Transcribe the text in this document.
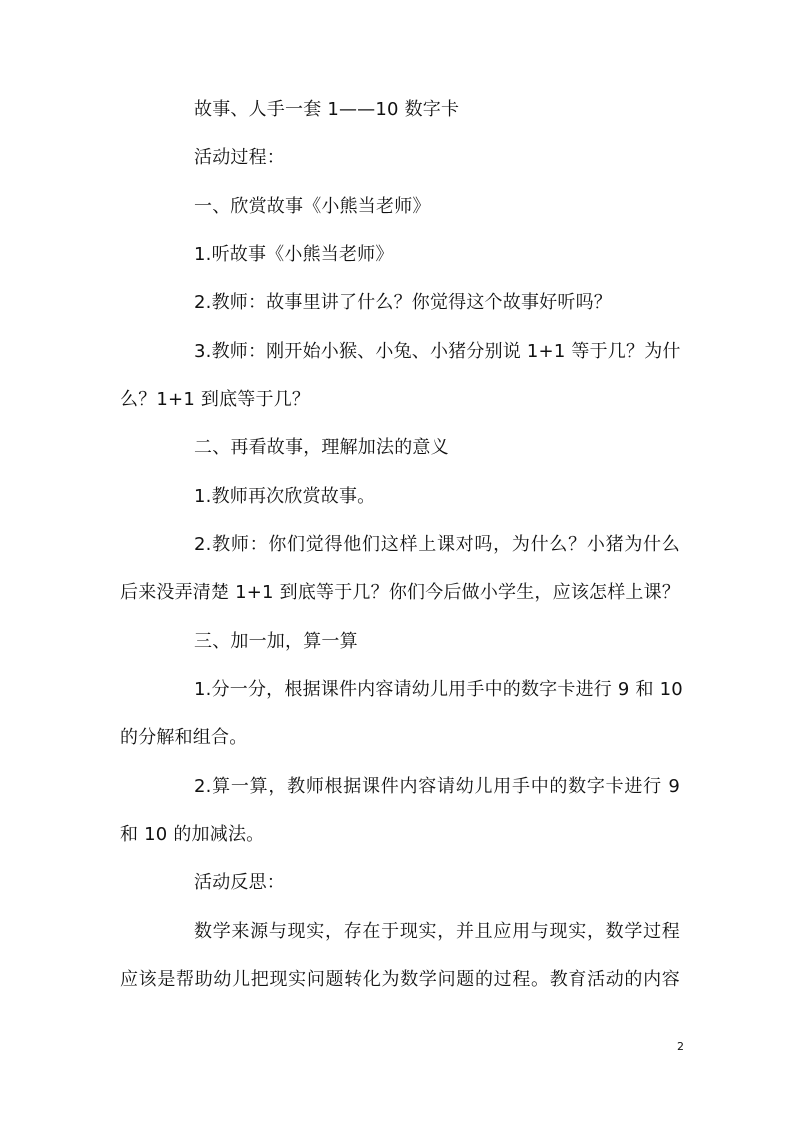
故事、人手一套 1——10 数字卡
活动过程：
一、欣赏故事《小熊当老师》
1.听故事《小熊当老师》
2.教师：故事里讲了什么？你觉得这个故事好听吗？
3.教师：刚开始小猴、小兔、小猪分别说 1+1 等于几？为什
么？1+1 到底等于几？
二、再看故事，理解加法的意义
1.教师再次欣赏故事。
2.教师：你们觉得他们这样上课对吗，为什么？小猪为什么
后来没弄清楚 1+1 到底等于几？你们今后做小学生，应该怎样上课？
三、加一加，算一算
1.分一分，根据课件内容请幼儿用手中的数字卡进行 9 和 10
的分解和组合。
2.算一算，教师根据课件内容请幼儿用手中的数字卡进行 9
和 10 的加减法。
活动反思：
数学来源与现实，存在于现实，并且应用与现实，数学过程
应该是帮助幼儿把现实问题转化为数学问题的过程。教育活动的内容
2
